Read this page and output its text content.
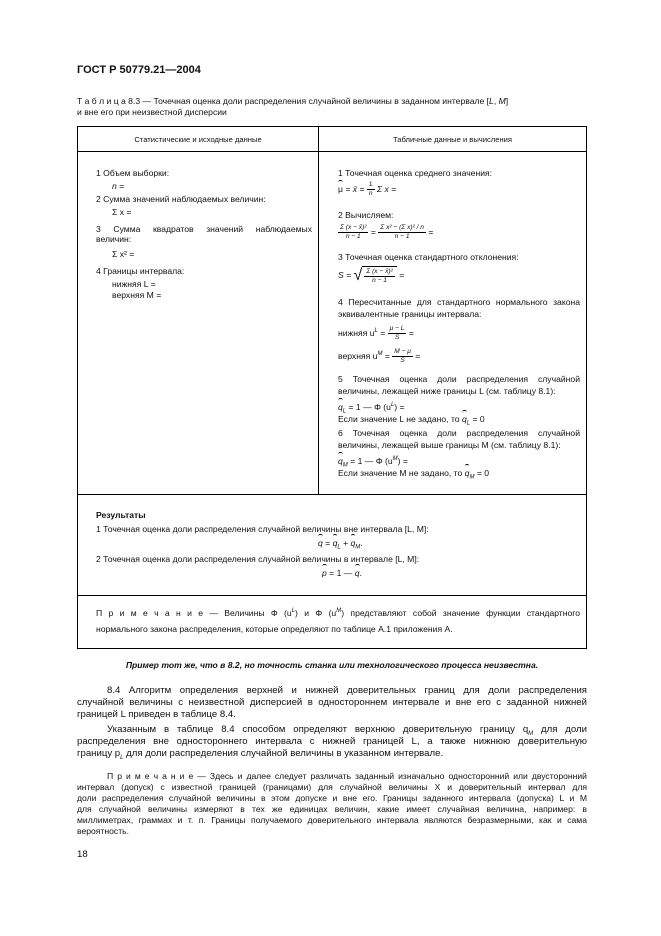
ГОСТ Р 50779.21—2004
Т а б л и ц а 8.3 — Точечная оценка доли распределения случайной величины в заданном интервале [L, M]
и вне его при неизвестной дисперсии
Статистические и исходные данные	Табличные данные и вычисления
1 Объем выборки:
n =
2 Сумма значений наблюдаемых величин:
Σ x =
3 Сумма квадратов значений наблюдаемых
величин:
Σ x² =
4 Границы интервала:
нижняя L =
верхняя M =
1 Точечная оценка среднего значения:
μ = x̄ = $\frac{1}{n}$ Σ x =
2 Вычисляем:
$\frac{\text{Σ (x − x̄)²}}{n - 1} = \frac{\text{Σ x² − (Σ x)² / n}}{n - 1}$ =
3 Точечная оценка стандартного отклонения:
S = √ $\frac{\text{Σ (x − x̄)²}}{n - 1}$ =
4 Пересчитанные для стандартного нормального закона
эквивалентные границы интервала:
нижняя $u^L = \frac{\mu - L}{S}$ =
верхняя $u^M = \frac{M - \mu}{S}$ =
5 Точечная оценка доли распределения случайной
величины, лежащей ниже границы L (см. таблицу 8.1):
$q_L = 1$ — Φ $(u^L)$ =
Если значение L не задано, то $q_L = 0$
6 Точечная оценка доли распределения случайной
величины, лежащей выше границы M (см. таблицу 8.1):
$q_M = 1$ — Φ $(u^M)$ =
Если значение M не задано, то $q_M = 0$
Результаты
1 Точечная оценка доли распределения случайной величины вне интервала [L, M]:
$q = q_L + q_M$.
2 Точечная оценка доли распределения случайной величины в интервале [L, M]:
p = 1 — q.
П р и м е ч а н и е — Величины Φ $(u^L)$ и Φ $(u^M)$ представляют собой значение функции стандартного
нормального закона распределения, которые определяют по таблице А.1 приложения А.
Пример тот же, что в 8.2, но точность станка или технологического процесса неизвестна.
8.4 Алгоритм определения верхней и нижней доверительных границ для доли распределения
случайной величины с неизвестной дисперсией в одностороннем интервале и вне его с заданной нижней
границей L приведен в таблице 8.4.
Указанным в таблице 8.4 способом определяют верхнюю доверительную границу $q_M$ для доли
распределения вне одностороннего интервала с нижней границей L, а также нижнюю доверительную
границу $p_L$ для доли распределения случайной величины в указанном интервале.
П р и м е ч а н и е — Здесь и далее следует различать заданный изначально односторонний или двусторонний
интервал (допуск) с известной границей (границами) для случайной величины X и доверительный интервал для
доли распределения случайной величины в этом допуске и вне его. Границы заданного интервала (допуска) L и M
для случайной величины измеряют в тех же единицах величин, какие имеет случайная величина, например: в
миллиметрах, граммах и т. п. Границы получаемого доверительного интервала являются безразмерными, как и сама
вероятность.
18
